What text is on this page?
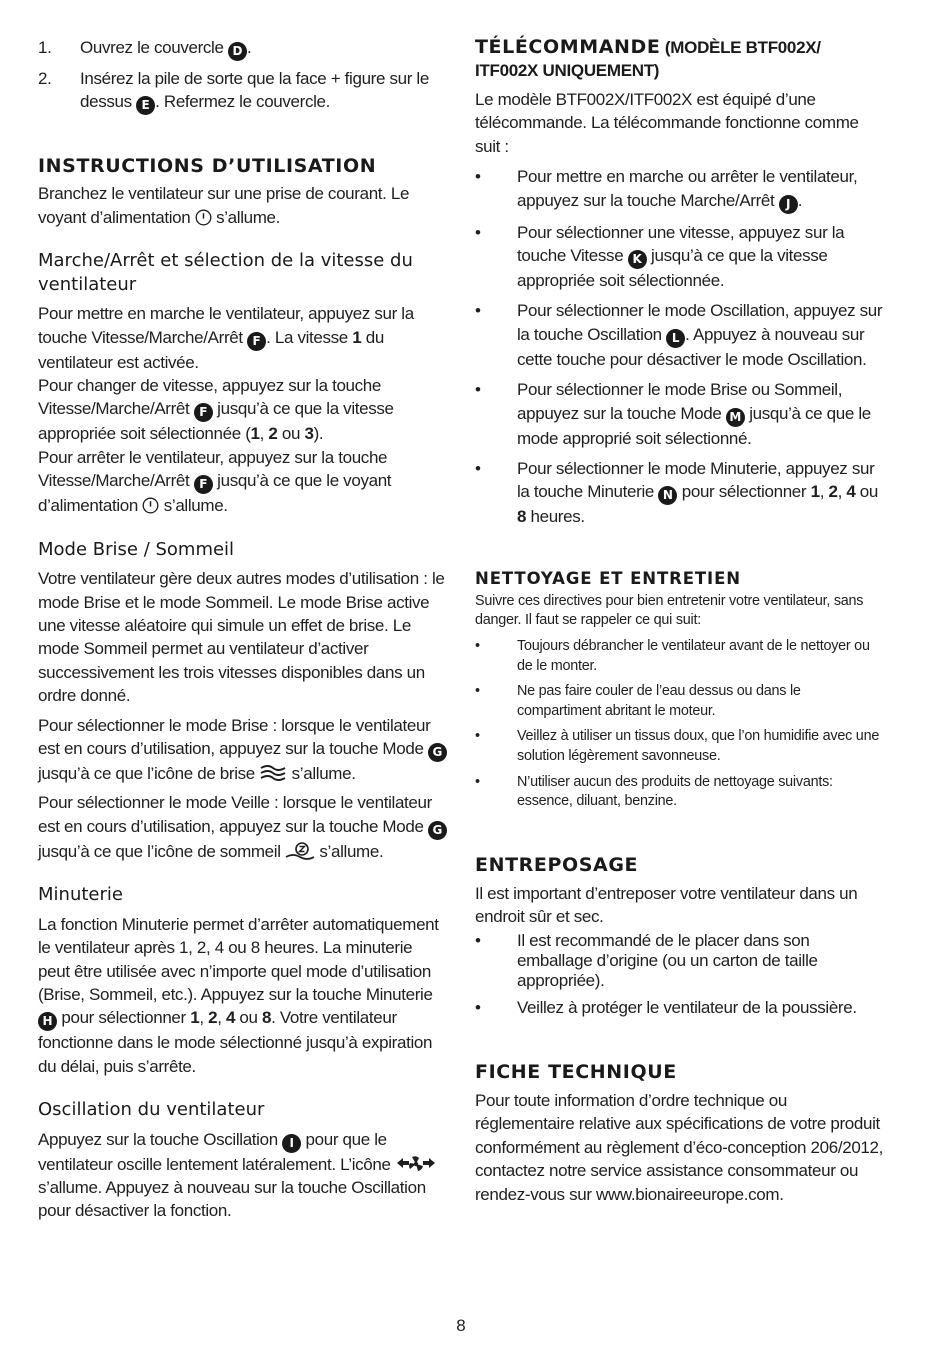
1. Ouvrez le couvercle D .
2. Insérez la pile de sorte que la face + figure sur le dessus E . Refermez le couvercle.
INSTRUCTIONS D’UTILISATION

Branchez le ventilateur sur une prise de courant. Le voyant d’alimentation  s’allume.

Marche/Arrêt et sélection de la vitesse du ventilateur

Pour mettre en marche le ventilateur, appuyez sur la touche Vitesse/Marche/Arrêt F . La vitesse 1 du ventilateur est activée.

Pour changer de vitesse, appuyez sur la touche Vitesse/Marche/Arrêt F jusqu’à ce que la vitesse appropriée soit sélectionnée (1, 2 ou 3).

Pour arrêter le ventilateur, appuyez sur la touche Vitesse/Marche/Arrêt F jusqu’à ce que le voyant d’alimentation  s’allume.

Mode Brise / Sommeil

Votre ventilateur gère deux autres modes d’utilisation : le mode Brise et le mode Sommeil. Le mode Brise active une vitesse aléatoire qui simule un effet de brise. Le mode Sommeil permet au ventilateur d’activer successivement les trois vitesses disponibles dans un ordre donné.

Pour sélectionner le mode Brise : lorsque le ventilateur est en cours d’utilisation, appuyez sur la touche Mode G jusqu’à ce que l’icône de brise  s’allume.

Pour sélectionner le mode Veille : lorsque le ventilateur est en cours d’utilisation, appuyez sur la touche Mode G jusqu’à ce que l’icône de sommeil  s’allume.

Minuterie

La fonction Minuterie permet d’arrêter automatiquement le ventilateur après 1, 2, 4 ou 8 heures. La minuterie peut être utilisée avec n’importe quel mode d’utilisation (Brise, Sommeil, etc.). Appuyez sur la touche Minuterie H pour sélectionner 1, 2, 4 ou 8. Votre ventilateur fonctionne dans le mode sélectionné jusqu’à expiration du délai, puis s’arrête.

Oscillation du ventilateur

Appuyez sur la touche Oscillation I pour que le ventilateur oscille lentement latéralement. L’icône  s’allume. Appuyez à nouveau sur la touche Oscillation pour désactiver la fonction.

TÉLÉCOMMANDE (MODÈLE BTF002X/ ITF002X UNIQUEMENT)

Le modèle BTF002X/ITF002X est équipé d’une télécommande. La télécommande fonctionne comme suit :

• Pour mettre en marche ou arrêter le ventilateur, appuyez sur la touche Marche/Arrêt J .
• Pour sélectionner une vitesse, appuyez sur la touche Vitesse K jusqu’à ce que la vitesse appropriée soit sélectionnée.
• Pour sélectionner le mode Oscillation, appuyez sur la touche Oscillation L . Appuyez à nouveau sur cette touche pour désactiver le mode Oscillation.
• Pour sélectionner le mode Brise ou Sommeil, appuyez sur la touche Mode M jusqu’à ce que le mode approprié soit sélectionné.
• Pour sélectionner le mode Minuterie, appuyez sur la touche Minuterie N pour sélectionner 1, 2, 4 ou 8 heures.
NETTOYAGE ET ENTRETIEN

Suivre ces directives pour bien entretenir votre ventilateur, sans danger. Il faut se rappeler ce qui suit:

• Toujours débrancher le ventilateur avant de le nettoyer ou de le monter.
• Ne pas faire couler de l’eau dessus ou dans le compartiment abritant le moteur.
• Veillez à utiliser un tissus doux, que l’on humidifie avec une solution légèrement savonneuse.
• N’utiliser aucun des produits de nettoyage suivants: essence, diluant, benzine.
ENTREPOSAGE

Il est important d’entreposer votre ventilateur dans un endroit sûr et sec.

• Il est recommandé de le placer dans son emballage d’origine (ou un carton de taille appropriée).
• Veillez à protéger le ventilateur de la poussière.
FICHE TECHNIQUE

Pour toute information d’ordre technique ou réglementaire relative aux spécifications de votre produit conformément au règlement d’éco-conception 206/2012, contactez notre service assistance consommateur ou rendez-vous sur www.bionaireeurope.com.

8
